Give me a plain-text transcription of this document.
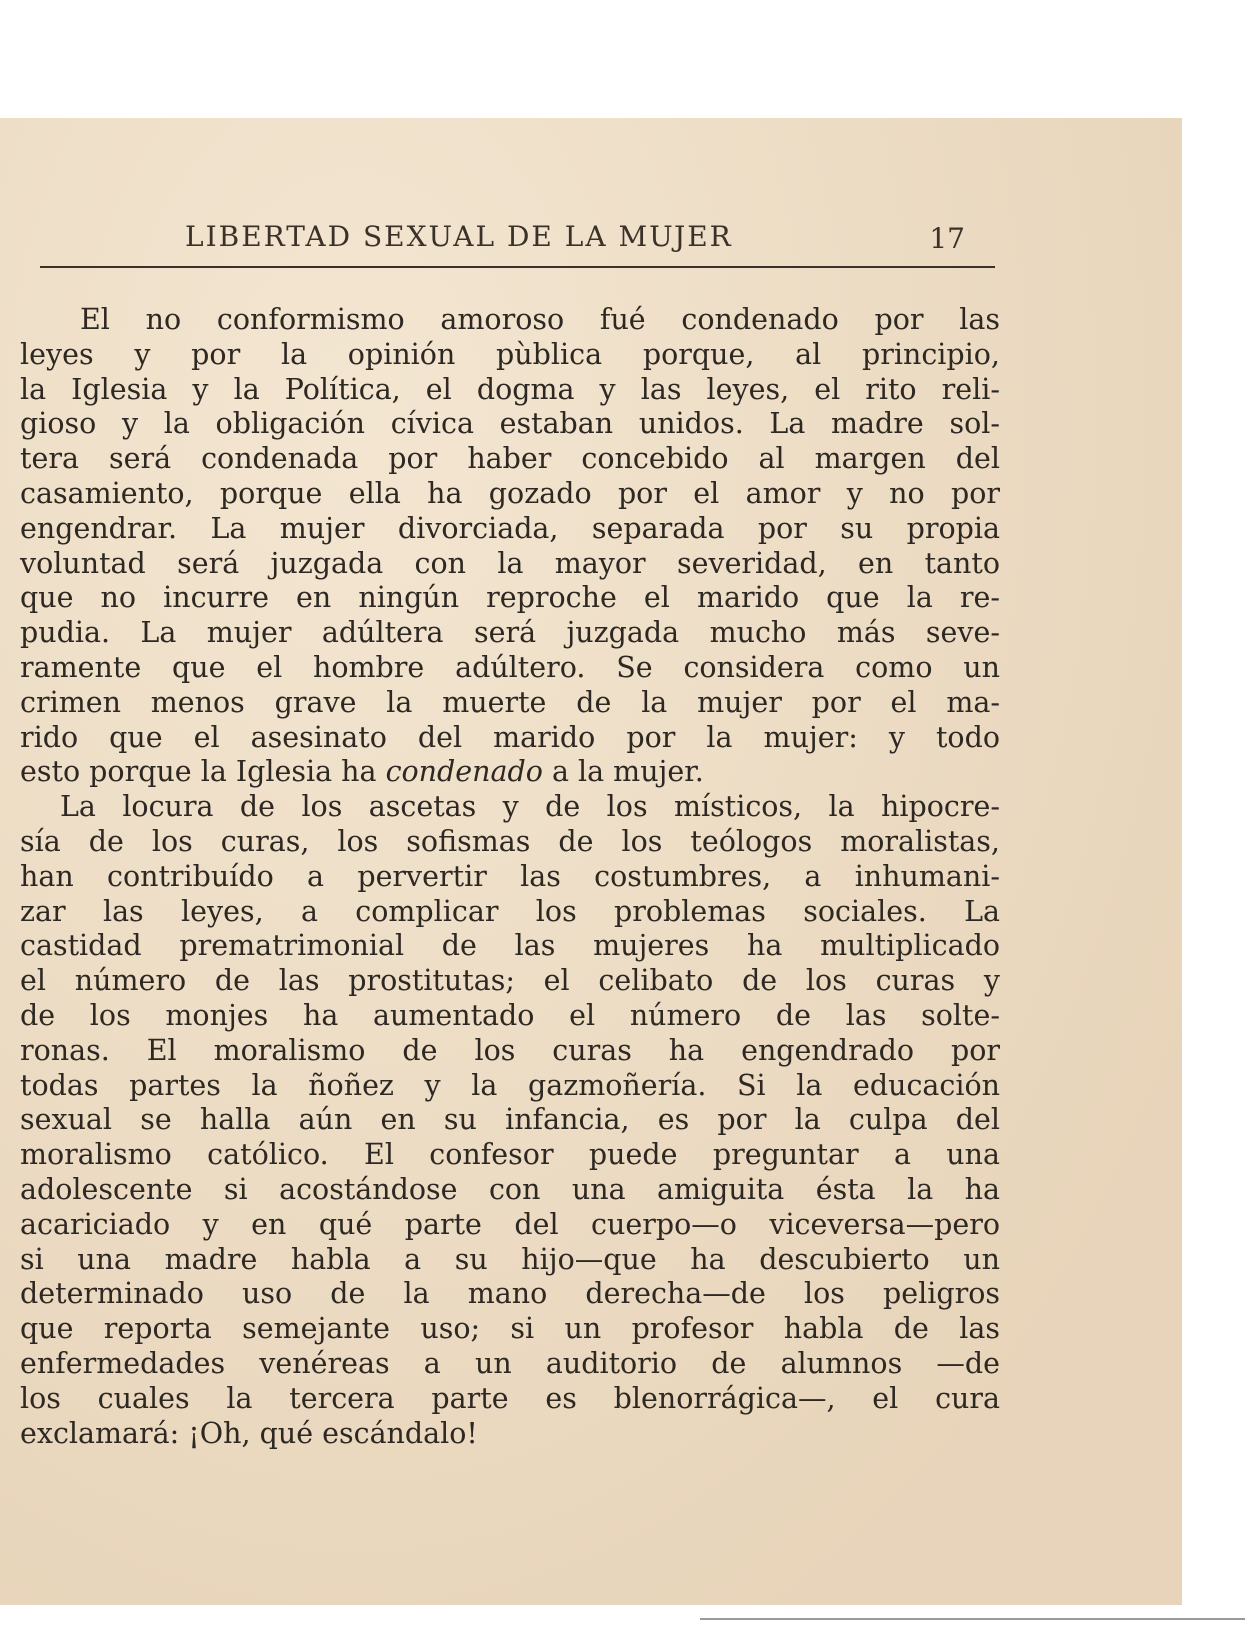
LIBERTAD SEXUAL DE LA MUJER	17
El no conformismo amoroso fué condenado por las
leyes y por la opinión pùblica porque, al principio,
la Iglesia y la Política, el dogma y las leyes, el rito reli-
gioso y la obligación cívica estaban unidos. La madre sol-
tera será condenada por haber concebido al margen del
casamiento, porque ella ha gozado por el amor y no por
engendrar. La mujer divorciada, separada por su propia
voluntad será juzgada con la mayor severidad, en tanto
que no incurre en ningún reproche el marido que la re-
pudia. La mujer adúltera será juzgada mucho más seve-
ramente que el hombre adúltero. Se considera como un
crimen menos grave la muerte de la mujer por el ma-
rido que el asesinato del marido por la mujer: y todo
esto porque la Iglesia ha condenado a la mujer.
La locura de los ascetas y de los místicos, la hipocre-
sía de los curas, los sofismas de los teólogos moralistas,
han contribuído a pervertir las costumbres, a inhumani-
zar las leyes, a complicar los problemas sociales. La
castidad prematrimonial de las mujeres ha multiplicado
el número de las prostitutas; el celibato de los curas y
de los monjes ha aumentado el número de las solte-
ronas. El moralismo de los curas ha engendrado por
todas partes la ñoñez y la gazmoñería. Si la educación
sexual se halla aún en su infancia, es por la culpa del
moralismo católico. El confesor puede preguntar a una
adolescente si acostándose con una amiguita ésta la ha
acariciado y en qué parte del cuerpo—o viceversa—pero
si una madre habla a su hijo—que ha descubierto un
determinado uso de la mano derecha—de los peligros
que reporta semejante uso; si un profesor habla de las
enfermedades venéreas a un auditorio de alumnos —de
los cuales la tercera parte es blenorrágica—, el cura
exclamará: ¡Oh, qué escándalo!
